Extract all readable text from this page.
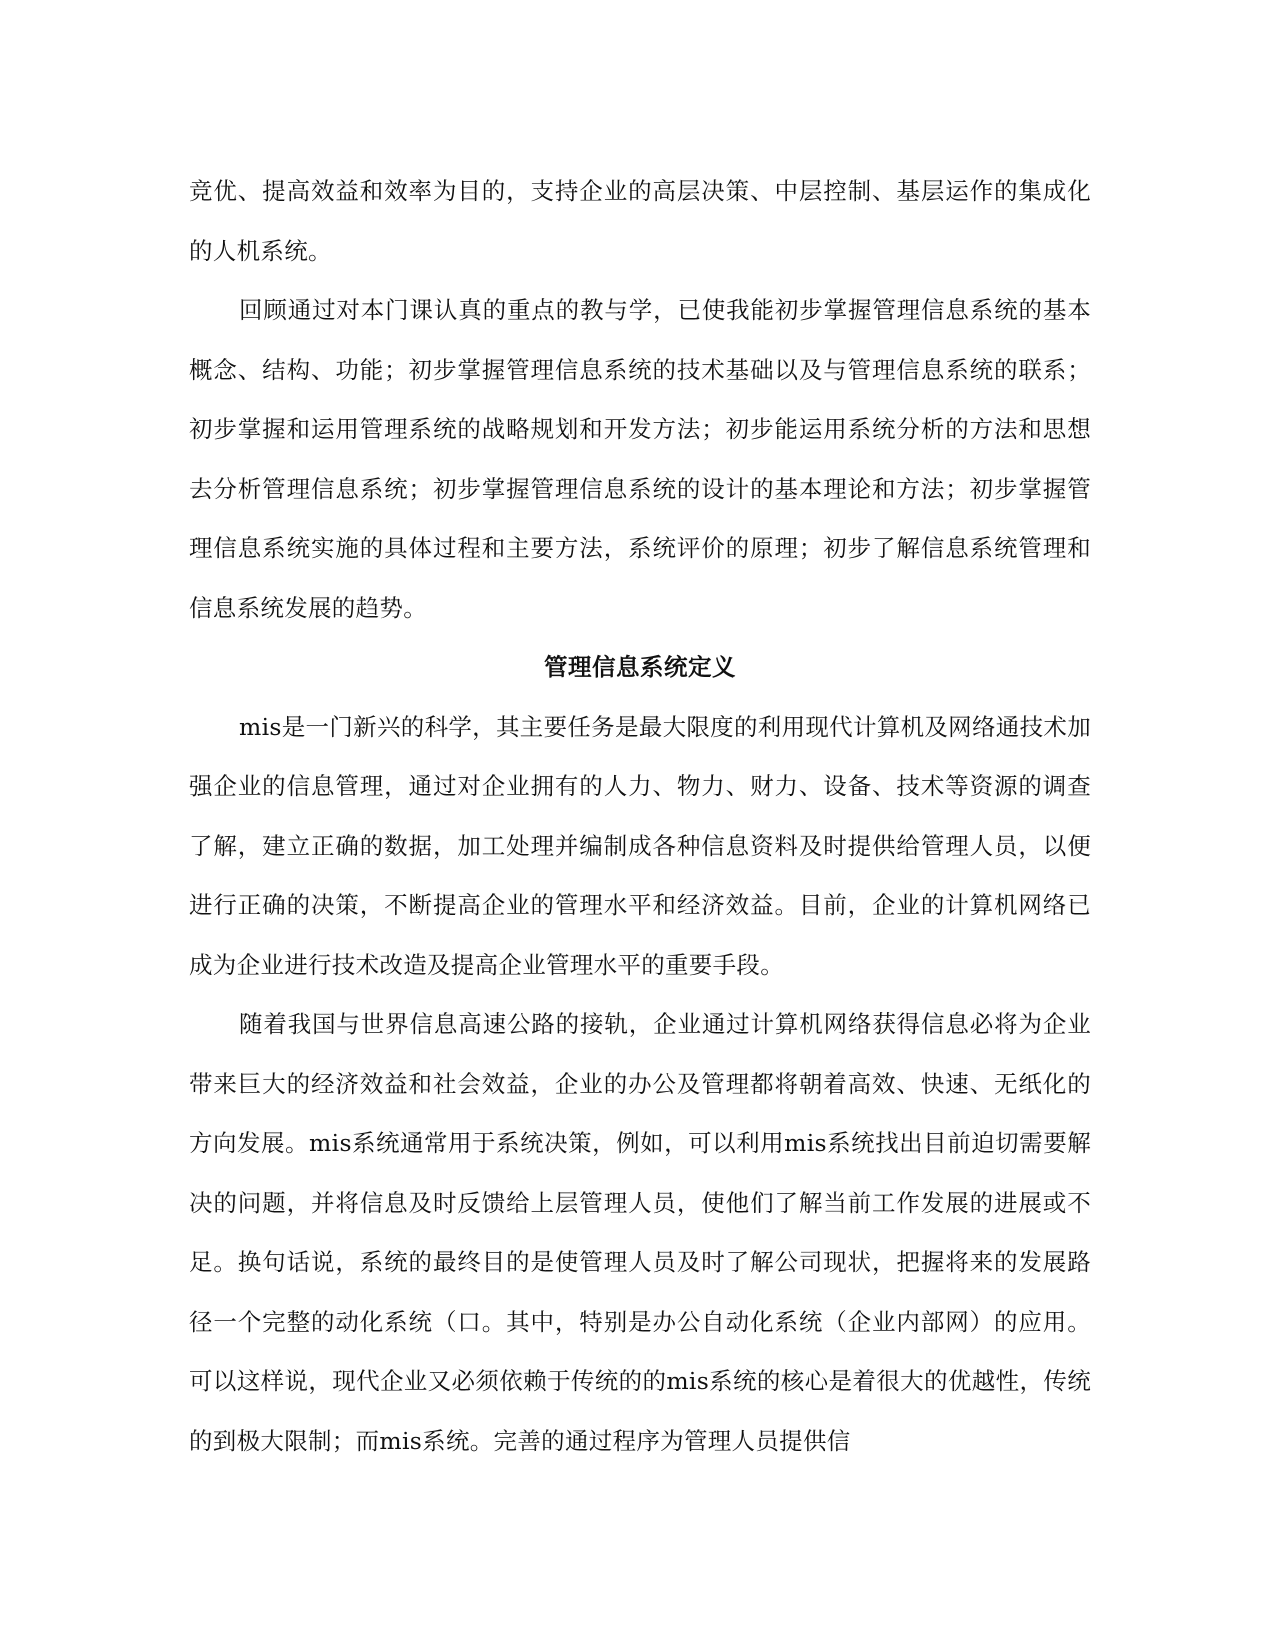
竞优、提高效益和效率为目的，支持企业的高层决策、中层控制、基层运作的集成化的人机系统。

回顾通过对本门课认真的重点的教与学，已使我能初步掌握管理信息系统的基本概念、结构、功能；初步掌握管理信息系统的技术基础以及与管理信息系统的联系；初步掌握和运用管理系统的战略规划和开发方法；初步能运用系统分析的方法和思想去分析管理信息系统；初步掌握管理信息系统的设计的基本理论和方法；初步掌握管理信息系统实施的具体过程和主要方法，系统评价的原理；初步了解信息系统管理和信息系统发展的趋势。

管理信息系统定义

mis是一门新兴的科学，其主要任务是最大限度的利用现代计算机及网络通技术加强企业的信息管理，通过对企业拥有的人力、物力、财力、设备、技术等资源的调查了解，建立正确的数据，加工处理并编制成各种信息资料及时提供给管理人员，以便进行正确的决策，不断提高企业的管理水平和经济效益。目前，企业的计算机网络已成为企业进行技术改造及提高企业管理水平的重要手段。

随着我国与世界信息高速公路的接轨，企业通过计算机网络获得信息必将为企业带来巨大的经济效益和社会效益，企业的办公及管理都将朝着高效、快速、无纸化的方向发展。mis系统通常用于系统决策，例如，可以利用mis系统找出目前迫切需要解决的问题，并将信息及时反馈给上层管理人员，使他们了解当前工作发展的进展或不足。换句话说，系统的最终目的是使管理人员及时了解公司现状，把握将来的发展路径一个完整的动化系统（口。其中，特别是办公自动化系统（企业内部网）的应用。可以这样说，现代企业又必须依赖于传统的的mis系统的核心是着很大的优越性，传统的到极大限制；而mis系统。完善的通过程序为管理人员提供信
